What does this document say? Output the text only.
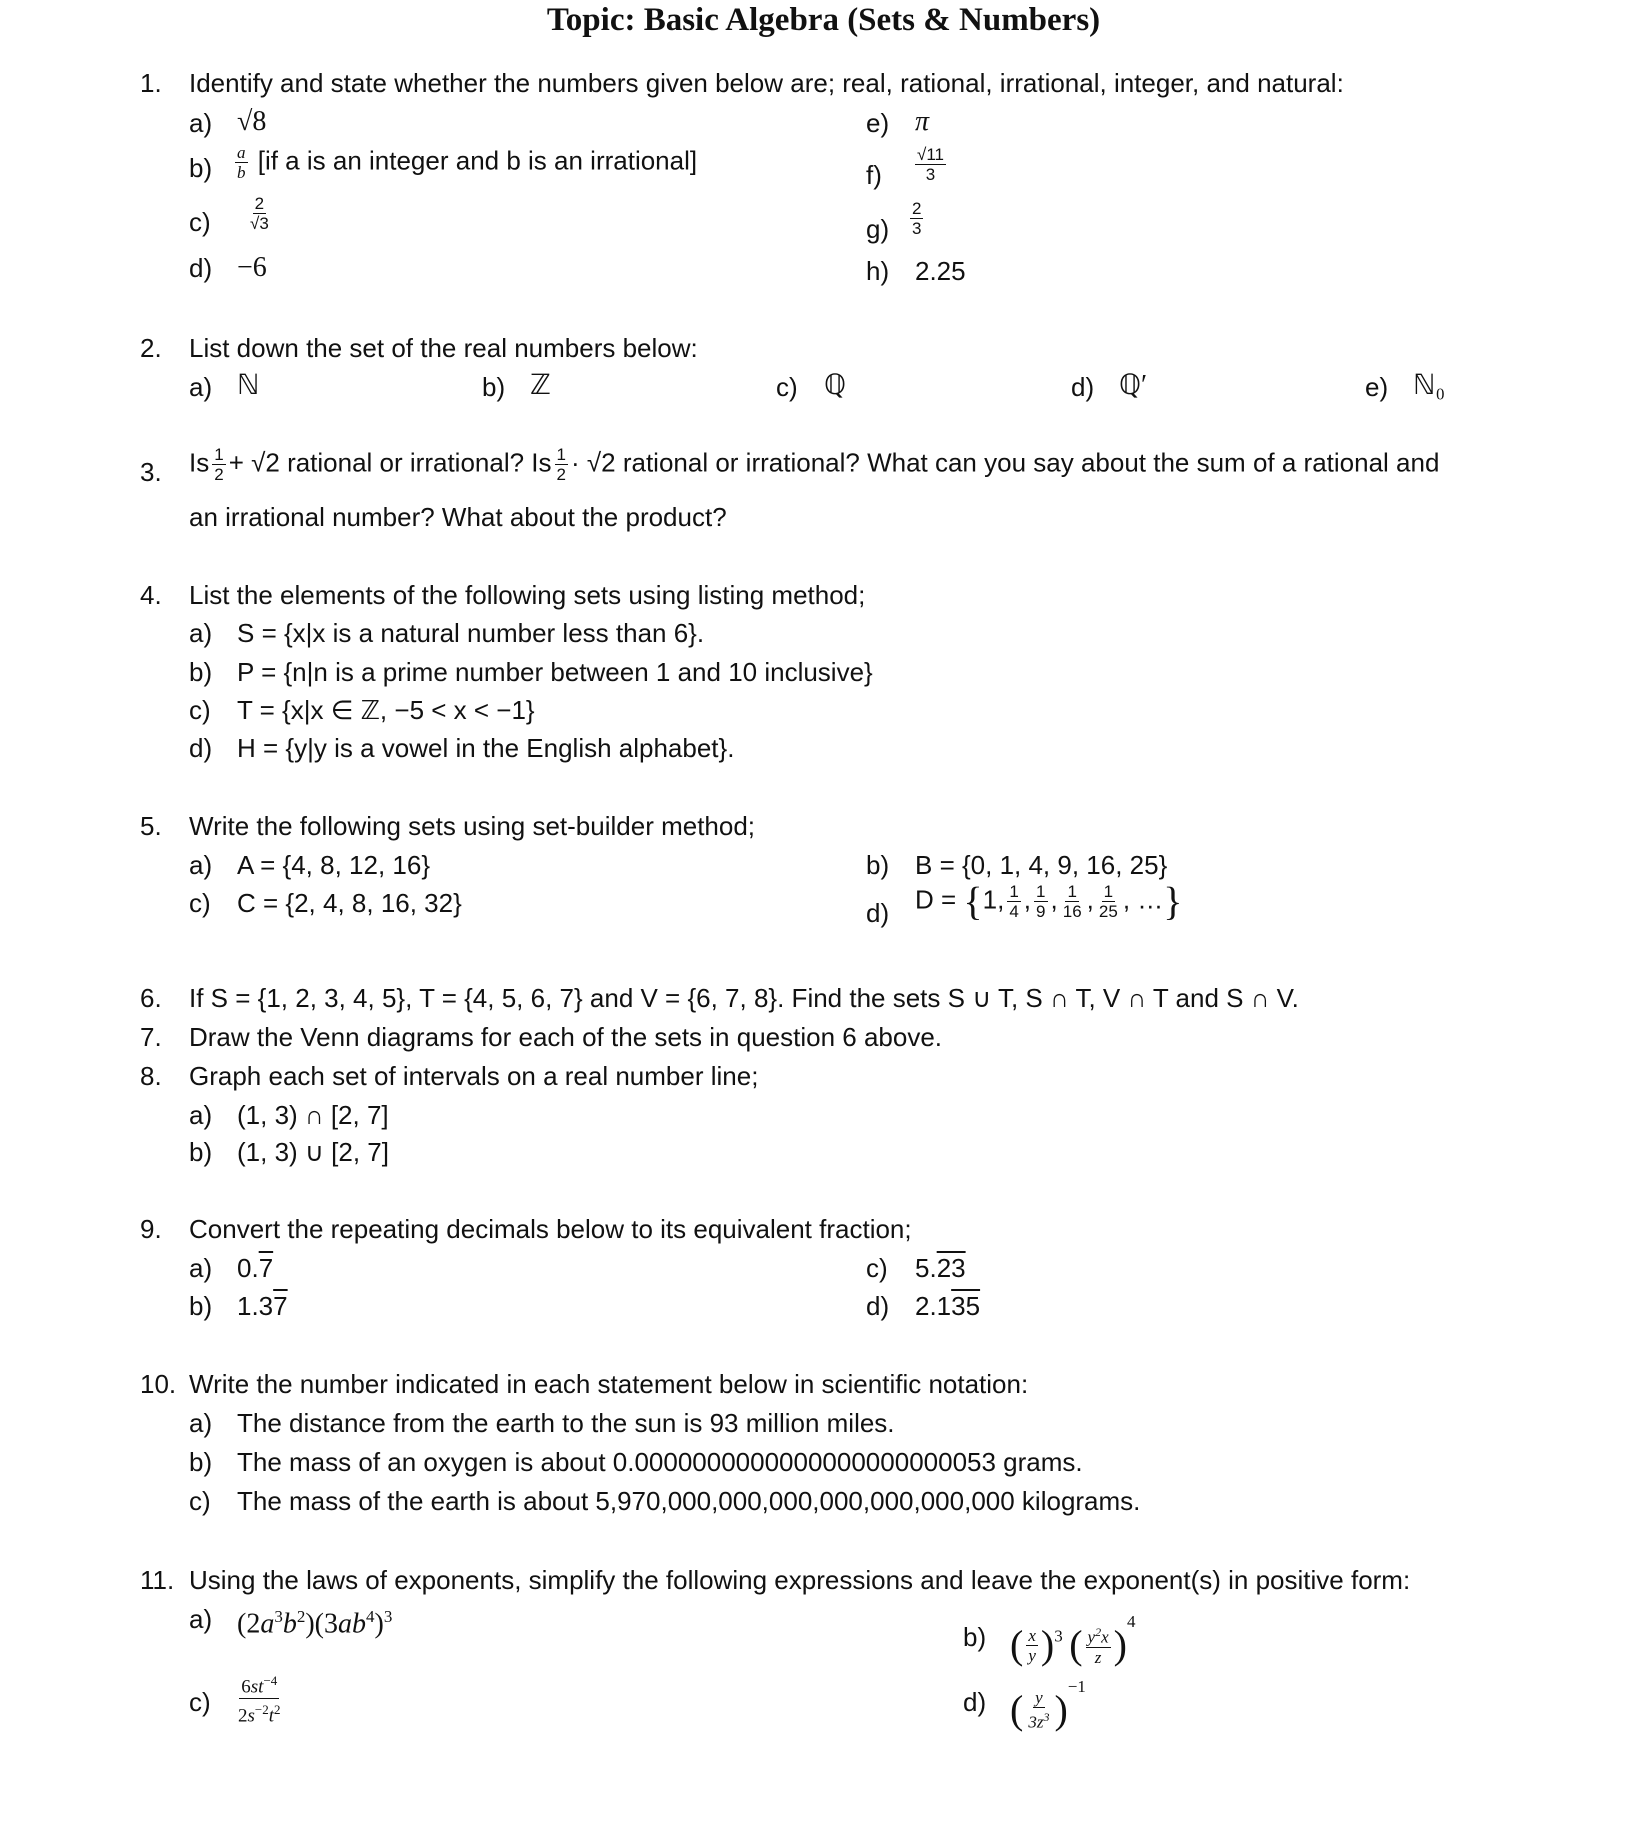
Topic: Basic Algebra (Sets & Numbers)
1. Identify and state whether the numbers given below are; real, rational, irrational, integer, and natural:
a) √8
$b) \frac{a}{b} [if$ a is an integer and b is an irrational]
$c) \frac{2}{√3}$
d) −6
e) π
$f) \frac{√11}{3}$
$g) \frac{2}{3}$
h) 2.25
2. List down the set of the real numbers below:
a) ℕ	b) ℤ	c) ℚ	d) ℚ′	e) ℕ₀
3. Is $\frac{1}{2} + √2$ rational or irrational? Is $\frac{1}{2} \cdot √2$ rational or irrational? What can you say about the sum of a rational and
an irrational number? What about the product?
4. List the elements of the following sets using listing method;
a) S = {x|x is a natural number less than 6}.
b) P = {n|n is a prime number between 1 and 10 inclusive}
c) T = {x|x ∈ ℤ, −5 < x < −1}
d) H = {y|y is a vowel in the English alphabet}.
5. Write the following sets using set-builder method;
a) A = {4, 8, 12, 16}
c) C = {2, 4, 8, 16, 32}
b) B = {0, 1, 4, 9, 16, 25}
d) D = {1, $\frac{1}{4}$ , $\frac{1}{9}$ , $\frac{1}{16}$ , $\frac{1}{25}$ , …}
6. If S = {1, 2, 3, 4, 5}, T = {4, 5, 6, 7} and V = {6, 7, 8}. Find the sets S ∪ T, S ∩ T, V ∩ T and S ∩ V.
7. Draw the Venn diagrams for each of the sets in question 6 above.
8. Graph each set of intervals on a real number line;
a) (1, 3) ∩ [2, 7]
b) (1, 3) ∪ [2, 7]
9. Convert the repeating decimals below to its equivalent fraction;
a) 0.7
b) 1.37
c) 5.23
d) 2.135
10. Write the number indicated in each statement below in scientific notation:
a) The distance from the earth to the sun is 93 million miles.
b) The mass of an oxygen is about 0.0000000000000000000000053 grams.
c) The mass of the earth is about 5,970,000,000,000,000,000,000,000 kilograms.
11. Using the laws of exponents, simplify the following expressions and leave the exponent(s) in positive form:
a) $(2a^3b^2)(3ab^4)^3$
b) ( $\frac{x}{y} )^3$ ( $\frac{y^2x}{z} )^4$
$c) \frac{6st^{-4}}{2s^{-2}t^2}$	d) ( $\frac{y}{3z^3} )^{-1}$
